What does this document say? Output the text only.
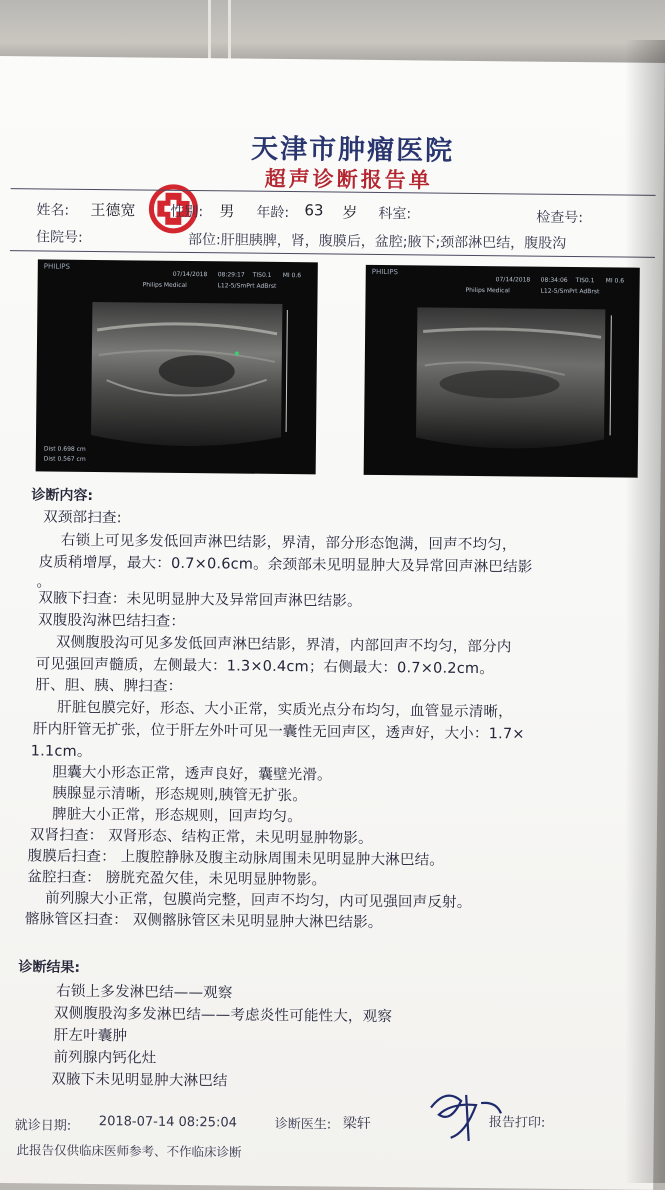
天津市肿瘤医院
超声诊断报告单
姓名: 王德宽 性别: 男 年龄: 63 岁 科室:	检查号:
住院号:	部位:肝胆胰脾，肾，腹膜后，盆腔;腋下;颈部淋巴结，腹股沟
PHILIPS
07/14/2018 08:29:17 TIS0.1 MI 0.6
Philips Medical	L12-5/SmPrt AdBrst
Dist 0.698 cm
Dist 0.567 cm
PHILIPS
07/14/2018 08:34:06 TIS0.1 MI 0.6
Philips Medical	L12-5/SmPrt AdBrst
诊断内容:
双颈部扫查:
右锁上可见多发低回声淋巴结影，界清，部分形态饱满，回声不均匀，
皮质稍增厚，最大：0.7×0.6cm。余颈部未见明显肿大及异常回声淋巴结影
。
双腋下扫查：未见明显肿大及异常回声淋巴结影。
双腹股沟淋巴结扫查：
双侧腹股沟可见多发低回声淋巴结影，界清，内部回声不均匀，部分内
可见强回声髓质，左侧最大：1.3×0.4cm；右侧最大：0.7×0.2cm。
肝、胆、胰、脾扫查：
肝脏包膜完好，形态、大小正常，实质光点分布均匀，血管显示清晰，
肝内肝管无扩张，位于肝左外叶可见一囊性无回声区，透声好，大小：1.7×
1.1cm。
胆囊大小形态正常，透声良好，囊壁光滑。
胰腺显示清晰，形态规则,胰管无扩张。
脾脏大小正常，形态规则，回声均匀。
双肾扫查： 双肾形态、结构正常，未见明显肿物影。
腹膜后扫查： 上腹腔静脉及腹主动脉周围未见明显肿大淋巴结。
盆腔扫查： 膀胱充盈欠佳，未见明显肿物影。
前列腺大小正常，包膜尚完整，回声不均匀，内可见强回声反射。
髂脉管区扫查： 双侧髂脉管区未见明显肿大淋巴结影。
诊断结果:
右锁上多发淋巴结——观察
双侧腹股沟多发淋巴结——考虑炎性可能性大，观察
肝左叶囊肿
前列腺内钙化灶
双腋下未见明显肿大淋巴结
就诊日期: 2018-07-14 08:25:04	诊断医生: 梁轩	报告打印:
此报告仅供临床医师参考、不作临床诊断
